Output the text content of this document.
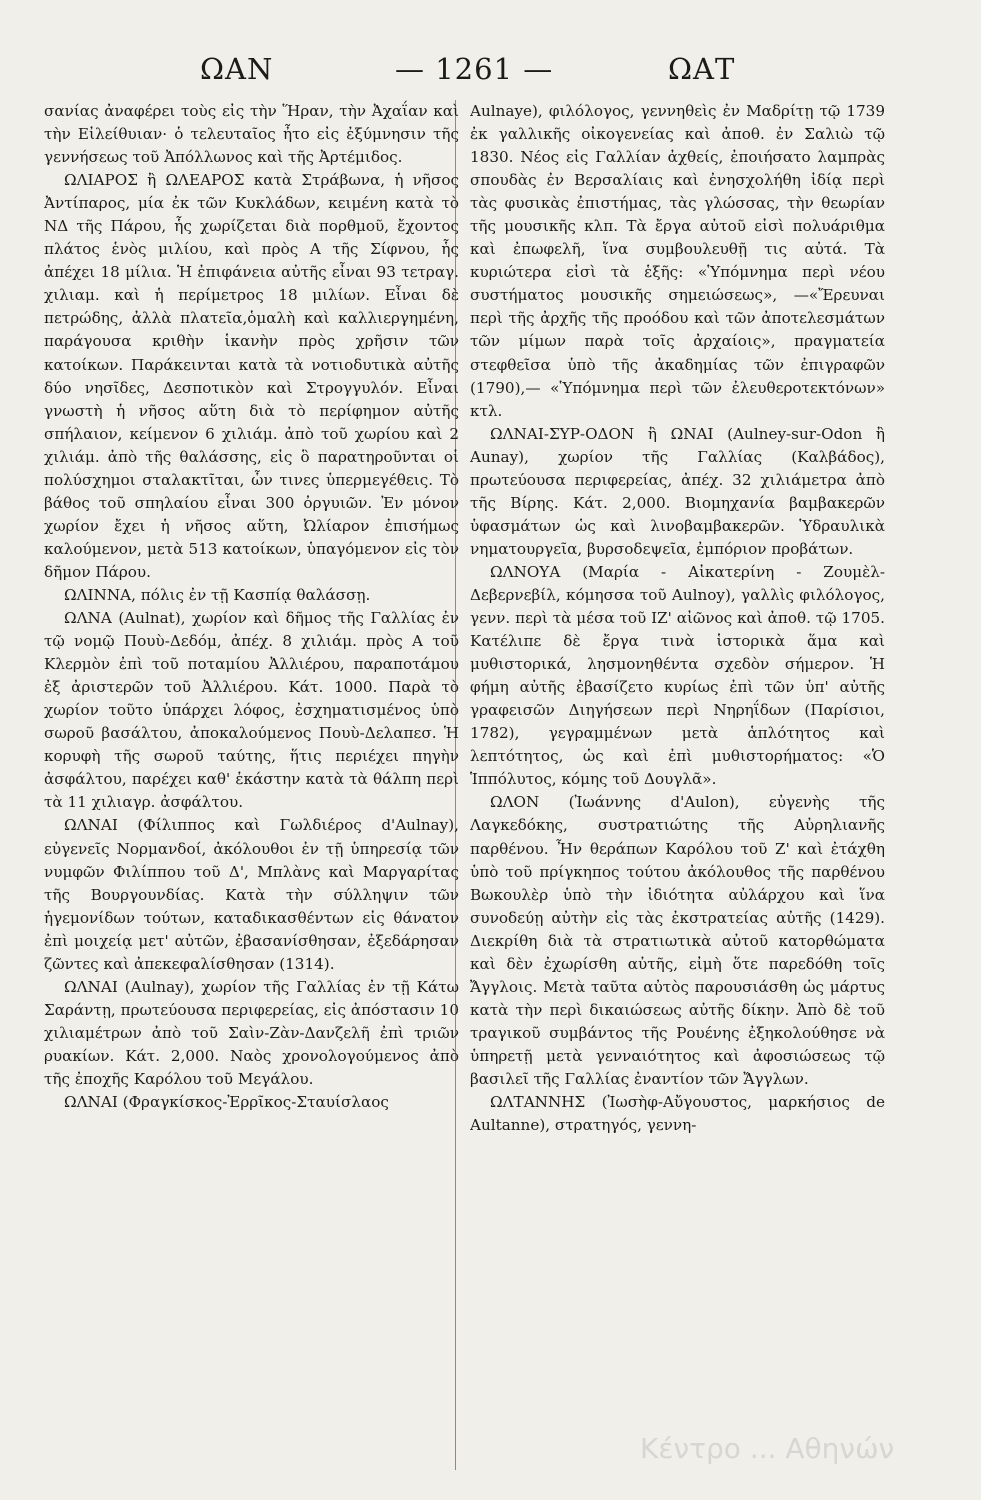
ΩΑΝ	— 1261 —	ΩΑΤ

σανίας ἀναφέρει τοὺς εἰς τὴν Ἥραν, τὴν Ἀχαΐαν καὶ τὴν Εἰλείθυιαν· ὁ τελευταῖος ἦτο εἰς ἐξύμνησιν τῆς γεννήσεως τοῦ Ἀπόλλωνος καὶ τῆς Ἀρτέμιδος.

ΩΛΙΑΡΟΣ ἢ ΩΛΕΑΡΟΣ κατὰ Στράβωνα, ἡ νῆσος Ἀντίπαρος, μία ἐκ τῶν Κυκλάδων, κειμένη κατὰ τὸ ΝΔ τῆς Πάρου, ἧς χωρίζεται διὰ πορθμοῦ, ἔχοντος πλάτος ἑνὸς μιλίου, καὶ πρὸς Α τῆς Σίφνου, ἧς ἀπέχει 18 μίλια. Ἡ ἐπιφάνεια αὐτῆς εἶναι 93 τετραγ. χιλιαμ. καὶ ἡ περίμετρος 18 μιλίων. Εἶναι δὲ πετρώδης, ἀλλὰ πλατεῖα,ὁμαλὴ καὶ καλλιεργημένη, παράγουσα κριθὴν ἱκανὴν πρὸς χρῆσιν τῶν κατοίκων. Παράκεινται κατὰ τὰ νοτιοδυτικὰ αὐτῆς δύο νησῖδες, Δεσποτικὸν καὶ Στρογγυλόν. Εἶναι γνωστὴ ἡ νῆσος αὕτη διὰ τὸ περίφημον αὐτῆς σπήλαιον, κείμενον 6 χιλιάμ. ἀπὸ τοῦ χωρίου καὶ 2 χιλιάμ. ἀπὸ τῆς θαλάσσης, εἰς ὃ παρατηροῦνται οἱ πολύσχημοι σταλακτῖται, ὧν τινες ὑπερμεγέθεις. Τὸ βάθος τοῦ σπηλαίου εἶναι 300 ὀργυιῶν. Ἐν μόνον χωρίον ἔχει ἡ νῆσος αὕτη, Ὠλίαρον ἐπισήμως καλούμενον, μετὰ 513 κατοίκων, ὑπαγόμενον εἰς τὸν δῆμον Πάρου.

ΩΛΙΝΝΑ, πόλις ἐν τῇ Κασπίᾳ θαλάσσῃ.

ΩΛΝΑ (Aulnat), χωρίον καὶ δῆμος τῆς Γαλλίας ἐν τῷ νομῷ Πουὺ-Δεδόμ, ἀπέχ. 8 χιλιάμ. πρὸς Α τοῦ Κλερμὸν ἐπὶ τοῦ ποταμίου Ἀλλιέρου, παραποτάμου ἐξ ἀριστερῶν τοῦ Ἀλλιέρου. Κάτ. 1000. Παρὰ τὸ χωρίον τοῦτο ὑπάρχει λόφος, ἐσχηματισμένος ὑπὸ σωροῦ βασάλτου, ἀποκαλούμενος Πουὺ-Δελαπεσ. Ἡ κορυφὴ τῆς σωροῦ ταύτης, ἥτις περιέχει πηγὴν ἀσφάλτου, παρέχει καθ' ἑκάστην κατὰ τὰ θάλπη περὶ τὰ 11 χιλιαγρ. ἀσφάλτου.

ΩΛΝΑΙ (Φίλιππος καὶ Γωλδιέρος d'Aulnay), εὐγενεῖς Νορμανδοί, ἀκόλουθοι ἐν τῇ ὑπηρεσίᾳ τῶν νυμφῶν Φιλίππου τοῦ Δ', Μπλὰνς καὶ Μαργαρίτας τῆς Βουργουνδίας. Κατὰ τὴν σύλληψιν τῶν ἡγεμονίδων τούτων, καταδικασθέντων εἰς θάνατον ἐπὶ μοιχείᾳ μετ' αὐτῶν, ἐβασανίσθησαν, ἐξεδάρησαν ζῶντες καὶ ἀπεκεφαλίσθησαν (1314).

ΩΛΝΑΙ (Aulnay), χωρίον τῆς Γαλλίας ἐν τῇ Κάτω Σαράντῃ, πρωτεύουσα περιφερείας, εἰς ἀπόστασιν 10 χιλιαμέτρων ἀπὸ τοῦ Σαὶν-Ζὰν-Δανζελῆ ἐπὶ τριῶν ρυακίων. Κάτ. 2,000. Ναὸς χρονολογούμενος ἀπὸ τῆς ἐποχῆς Καρόλου τοῦ Μεγάλου.

ΩΛΝΑΙ (Φραγκίσκος-Ἐρρῖκος-Σταυίσλαος

Aulnaye), φιλόλογος, γεννηθεὶς ἐν Μαδρίτῃ τῷ 1739 ἐκ γαλλικῆς οἰκογενείας καὶ ἀποθ. ἐν Σαλιὼ τῷ 1830. Νέος εἰς Γαλλίαν ἀχθείς, ἐποιήσατο λαμπρὰς σπουδὰς ἐν Βερσαλίαις καὶ ἐνησχολήθη ἰδίᾳ περὶ τὰς φυσικὰς ἐπιστήμας, τὰς γλώσσας, τὴν θεωρίαν τῆς μουσικῆς κλπ. Τὰ ἔργα αὐτοῦ εἰσὶ πολυάριθμα καὶ ἐπωφελῆ, ἵνα συμβουλευθῇ τις αὐτά. Τὰ κυριώτερα εἰσὶ τὰ ἑξῆς: «Ὑπόμνημα περὶ νέου συστήματος μουσικῆς σημειώσεως», —«Ἔρευναι περὶ τῆς ἀρχῆς τῆς προόδου καὶ τῶν ἀποτελεσμάτων τῶν μίμων παρὰ τοῖς ἀρχαίοις», πραγματεία στεφθεῖσα ὑπὸ τῆς ἀκαδημίας τῶν ἐπιγραφῶν (1790),— «Ὑπόμνημα περὶ τῶν ἐλευθεροτεκτόνων» κτλ.

ΩΛΝΑΙ-ΣΥΡ-ΟΔΟΝ ἢ ΩΝΑΙ (Aulney-sur-Odon ἢ Aunay), χωρίον τῆς Γαλλίας (Καλβάδος), πρωτεύουσα περιφερείας, ἀπέχ. 32 χιλιάμετρα ἀπὸ τῆς Βίρης. Κάτ. 2,000. Βιομηχανία βαμβακερῶν ὑφασμάτων ὡς καὶ λινοβαμβακερῶν. Ὑδραυλικὰ νηματουργεῖα, βυρσοδεψεῖα, ἐμπόριον προβάτων.

ΩΛΝΟΥΑ (Μαρία - Αἰκατερίνη - Ζουμὲλ-Δεβερνεβίλ, κόμησσα τοῦ Aulnoy), γαλλὶς φιλόλογος, γενν. περὶ τὰ μέσα τοῦ ΙΖ' αἰῶνος καὶ ἀποθ. τῷ 1705. Κατέλιπε δὲ ἔργα τινὰ ἱστορικὰ ἅμα καὶ μυθιστορικά, λησμονηθέντα σχεδὸν σήμερον. Ἡ φήμη αὐτῆς ἐβασίζετο κυρίως ἐπὶ τῶν ὑπ' αὐτῆς γραφεισῶν Διηγήσεων περὶ Νηρηΐδων (Παρίσιοι, 1782), γεγραμμένων μετὰ ἁπλότητος καὶ λεπτότητος, ὡς καὶ ἐπὶ μυθιστορήματος: «Ὁ Ἱππόλυτος, κόμης τοῦ Δουγλᾶ».

ΩΛΟΝ (Ἰωάννης d'Aulon), εὐγενὴς τῆς Λαγκεδόκης, συστρατιώτης τῆς Αὐρηλιανῆς παρθένου. Ἦν θεράπων Καρόλου τοῦ Ζ' καὶ ἐτάχθη ὑπὸ τοῦ πρίγκηπος τούτου ἀκόλουθος τῆς παρθένου Βωκουλὲρ ὑπὸ τὴν ἰδιότητα αὐλάρχου καὶ ἵνα συνοδεύῃ αὐτὴν εἰς τὰς ἐκστρατείας αὐτῆς (1429). Διεκρίθη διὰ τὰ στρατιωτικὰ αὐτοῦ κατορθώματα καὶ δὲν ἐχωρίσθη αὐτῆς, εἰμὴ ὅτε παρεδόθη τοῖς Ἄγγλοις. Μετὰ ταῦτα αὐτὸς παρουσιάσθη ὡς μάρτυς κατὰ τὴν περὶ δικαιώσεως αὐτῆς δίκην. Ἀπὸ δὲ τοῦ τραγικοῦ συμβάντος τῆς Ρουένης ἐξηκολούθησε νὰ ὑπηρετῇ μετὰ γενναιότητος καὶ ἀφοσιώσεως τῷ βασιλεῖ τῆς Γαλλίας ἐναντίον τῶν Ἄγγλων.

ΩΛΤΑΝΝΗΣ (Ἰωσὴφ-Αὔγουστος, μαρκήσιος de Aultanne), στρατηγός, γεννη-

Κέντρο ... Αθηνών
